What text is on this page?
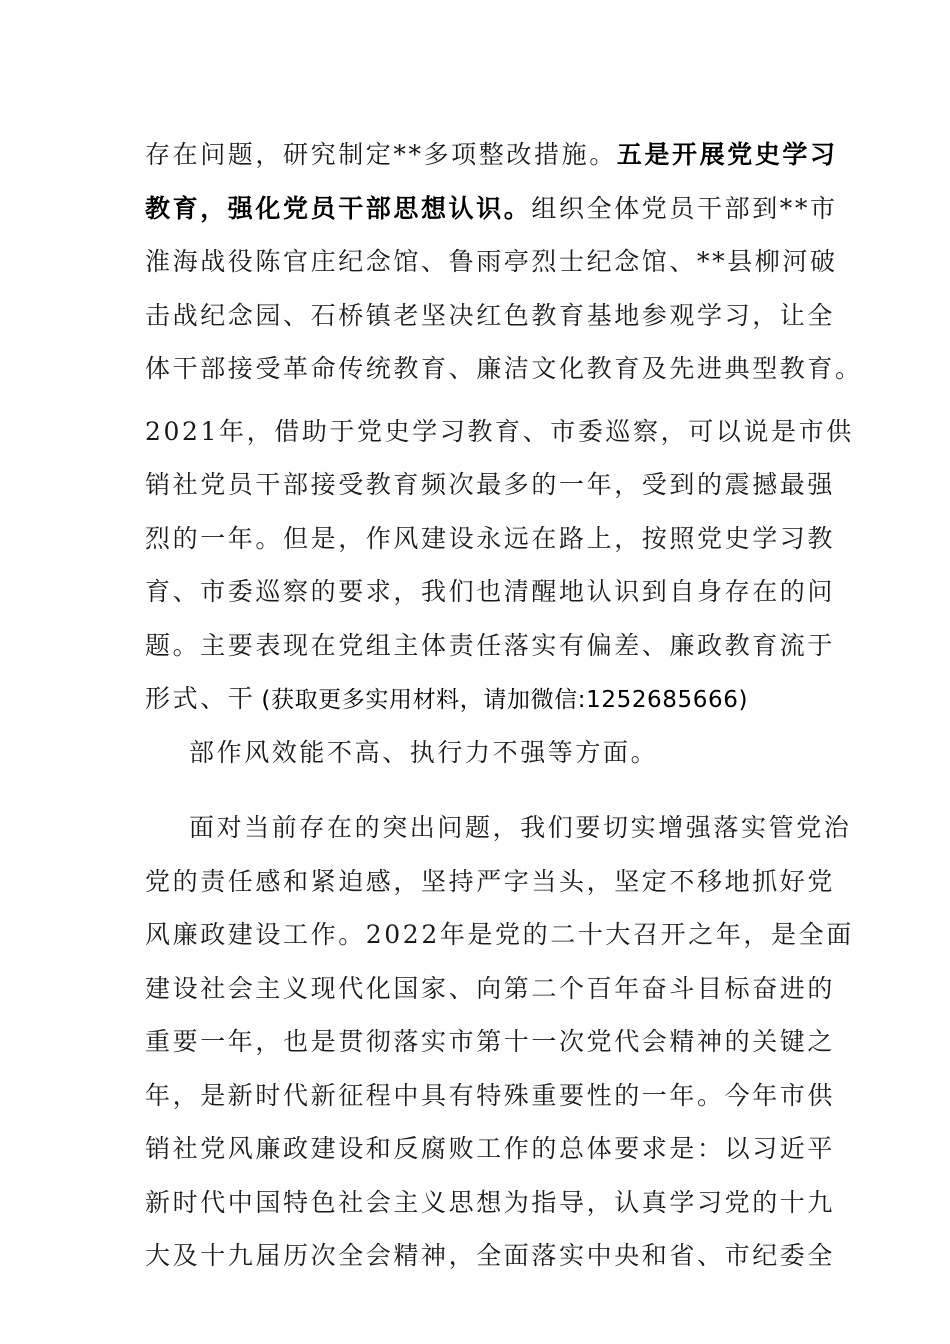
存在问题，研究制定**多项整改措施。五是开展党史学习
教育，强化党员干部思想认识。组织全体党员干部到**市
淮海战役陈官庄纪念馆、鲁雨亭烈士纪念馆、**县柳河破
击战纪念园、石桥镇老坚决红色教育基地参观学习，让全
体干部接受革命传统教育、廉洁文化教育及先进典型教育。
2021年，借助于党史学习教育、市委巡察，可以说是市供
销社党员干部接受教育频次最多的一年，受到的震撼最强
烈的一年。但是，作风建设永远在路上，按照党史学习教
育、市委巡察的要求，我们也清醒地认识到自身存在的问
题。主要表现在党组主体责任落实有偏差、廉政教育流于
形式、干 (获取更多实用材料，请加微信:1252685666)
部作风效能不高、执行力不强等方面。
面对当前存在的突出问题，我们要切实增强落实管党治
党的责任感和紧迫感，坚持严字当头，坚定不移地抓好党
风廉政建设工作。2022年是党的二十大召开之年，是全面
建设社会主义现代化国家、向第二个百年奋斗目标奋进的
重要一年，也是贯彻落实市第十一次党代会精神的关键之
年，是新时代新征程中具有特殊重要性的一年。今年市供
销社党风廉政建设和反腐败工作的总体要求是：以习近平
新时代中国特色社会主义思想为指导，认真学习党的十九
大及十九届历次全会精神，全面落实中央和省、市纪委全
